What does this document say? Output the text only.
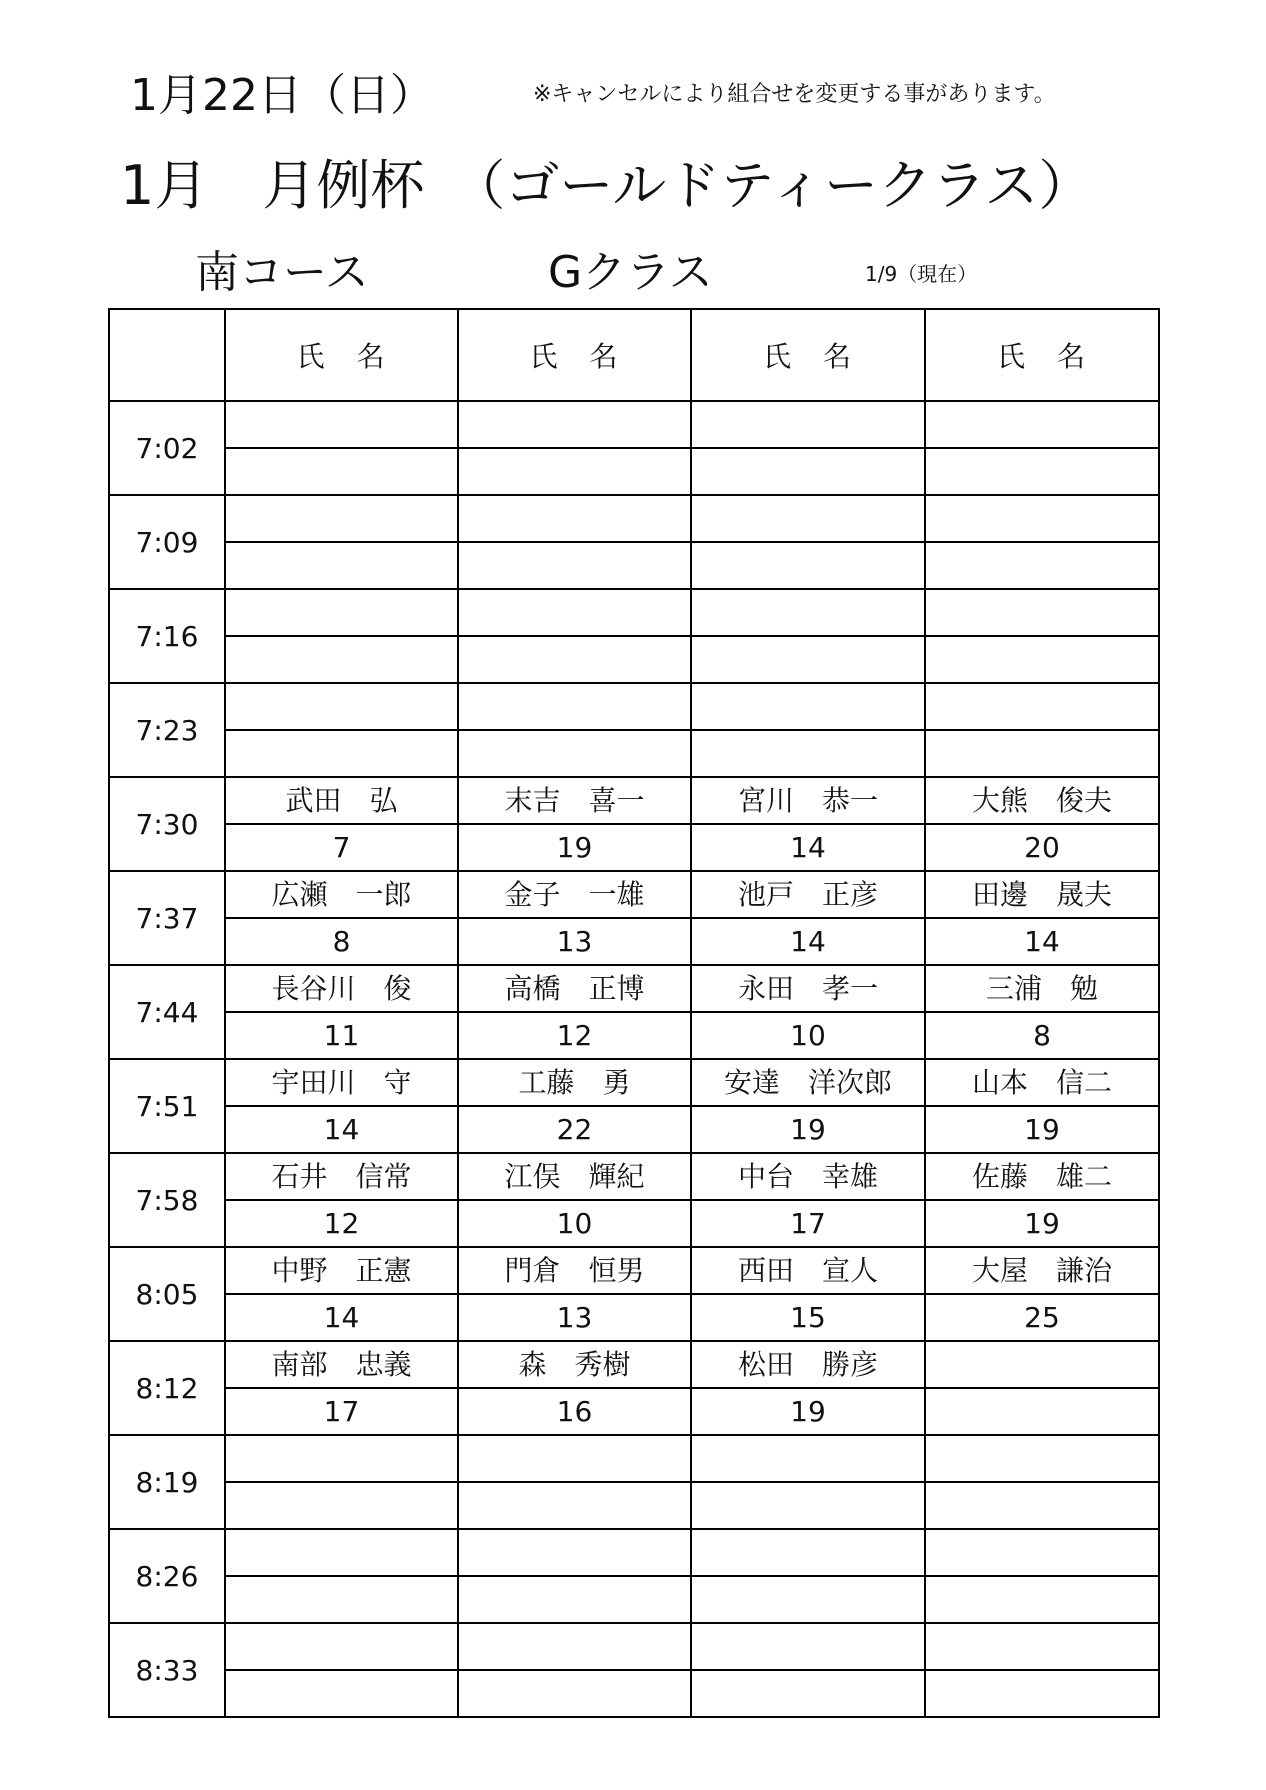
1月22日（日）	※キャンセルにより組合せを変更する事があります。
1月　月例杯　（ゴールドティークラス）
南コース	Gクラス	1/9（現在）
	氏　名	氏　名	氏　名	氏　名
7:02				

7:09				

7:16				

7:23				

7:30	武田　弘	末吉　喜一	宮川　恭一	大熊　俊夫
	7	19	14	20
7:37	広瀬　一郎	金子　一雄	池戸　正彦	田邊　晟夫
	8	13	14	14
7:44	長谷川　俊	高橋　正博	永田　孝一	三浦　勉
	11	12	10	8
7:51	宇田川　守	工藤　勇	安達　洋次郎	山本　信二
	14	22	19	19
7:58	石井　信常	江俣　輝紀	中台　幸雄	佐藤　雄二
	12	10	17	19
8:05	中野　正憲	門倉　恒男	西田　宣人	大屋　謙治
	14	13	15	25
8:12	南部　忠義	森　秀樹	松田　勝彦	
	17	16	19	
8:19				

8:26				

8:33				
